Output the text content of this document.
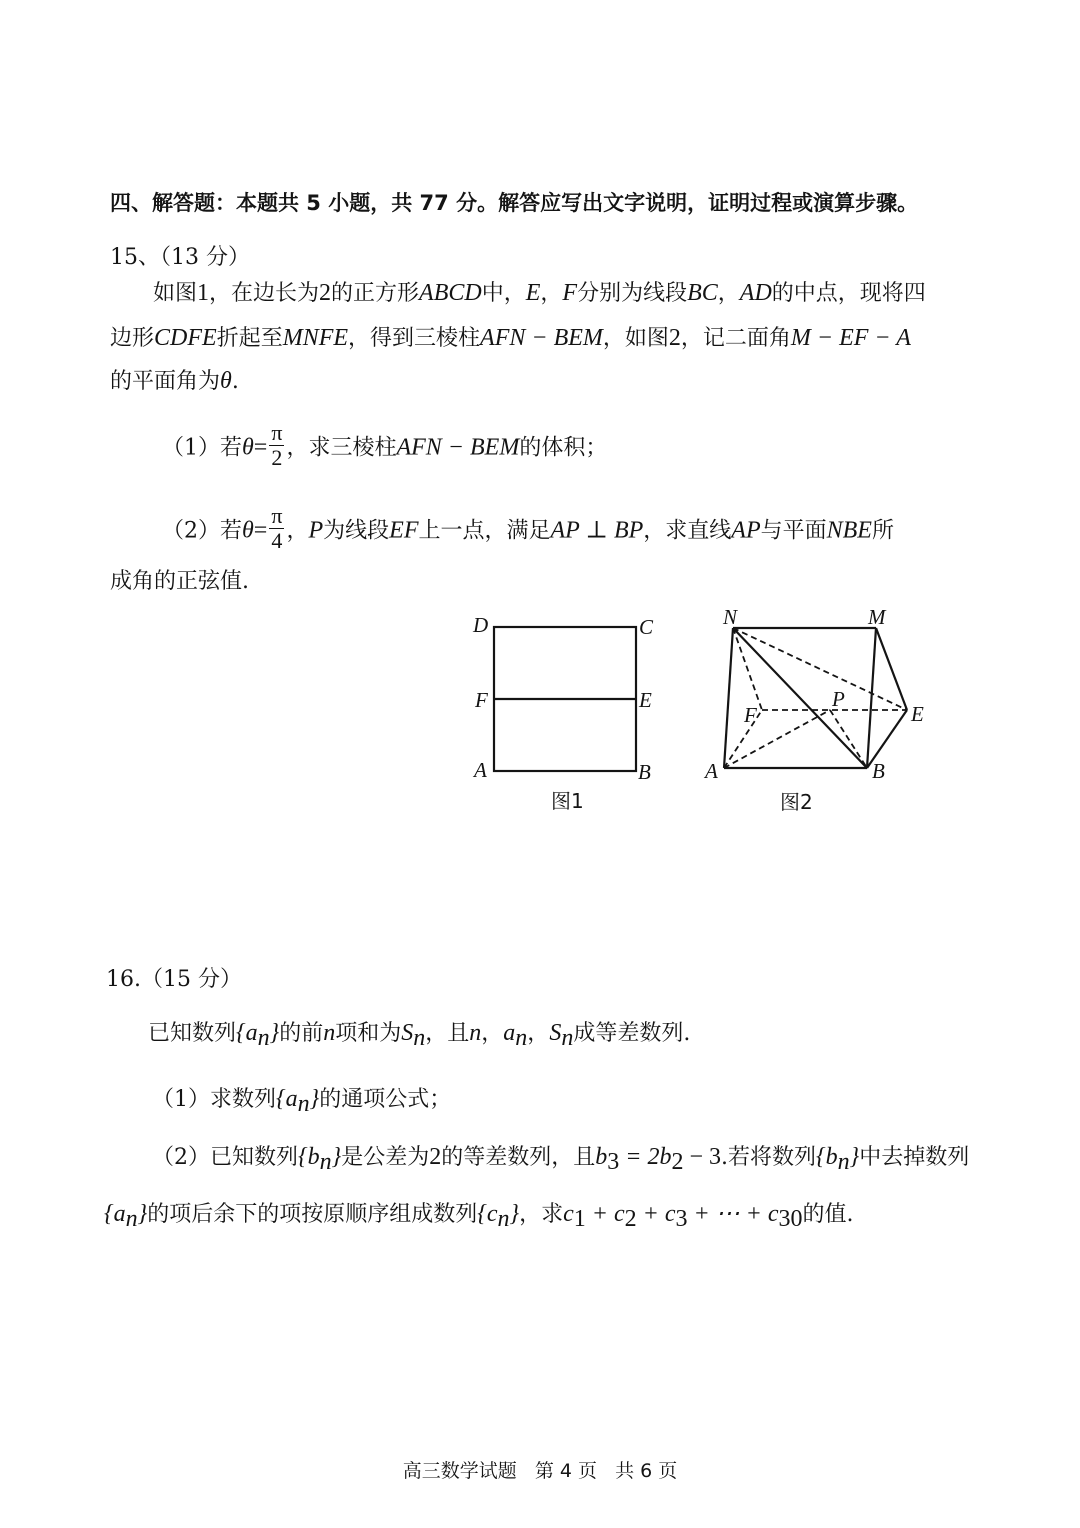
四、解答题：本题共 5 小题，共 77 分。解答应写出文字说明，证明过程或演算步骤。
15、（13 分）
如图1，在边长为2的正方形ABCD中，E，F分别为线段BC，AD的中点，现将四
边形CDFE折起至MNFE，得到三棱柱AFN − BEM，如图2，记二面角M − EF − A
的平面角为θ.
（1）若$\theta= \frac{\pi}{2}$ ，求三棱柱AFN − BEM的体积；
（2）若$\theta= \frac{\pi}{4}$ ，P为线段EF上一点，满足AP ⊥ BP，求直线AP与平面NBE所
成角的正弦值.
D	C
F	E
A	B
图1
N	M
F
P
E
A	B
图2
16.（15 分）
已知数列$\{a_n\}$的前n项和为$S_n$，且n，$a_n$，$S_n$成等差数列.
（1）求数列$\{a_n\}$的通项公式；
（2）已知数列$\{b_n\}$是公差为2的等差数列，且$b_3 = 2b_2 - 3$.若将数列$\{b_n\}$中去掉数列
$\{a_n\}$的项后余下的项按原顺序组成数列$\{c_n\}$，求$c_1 + c_2 + c_3$ + ⋯ + $c_{30}$的值.
高三数学试题 第 4 页 共 6 页
